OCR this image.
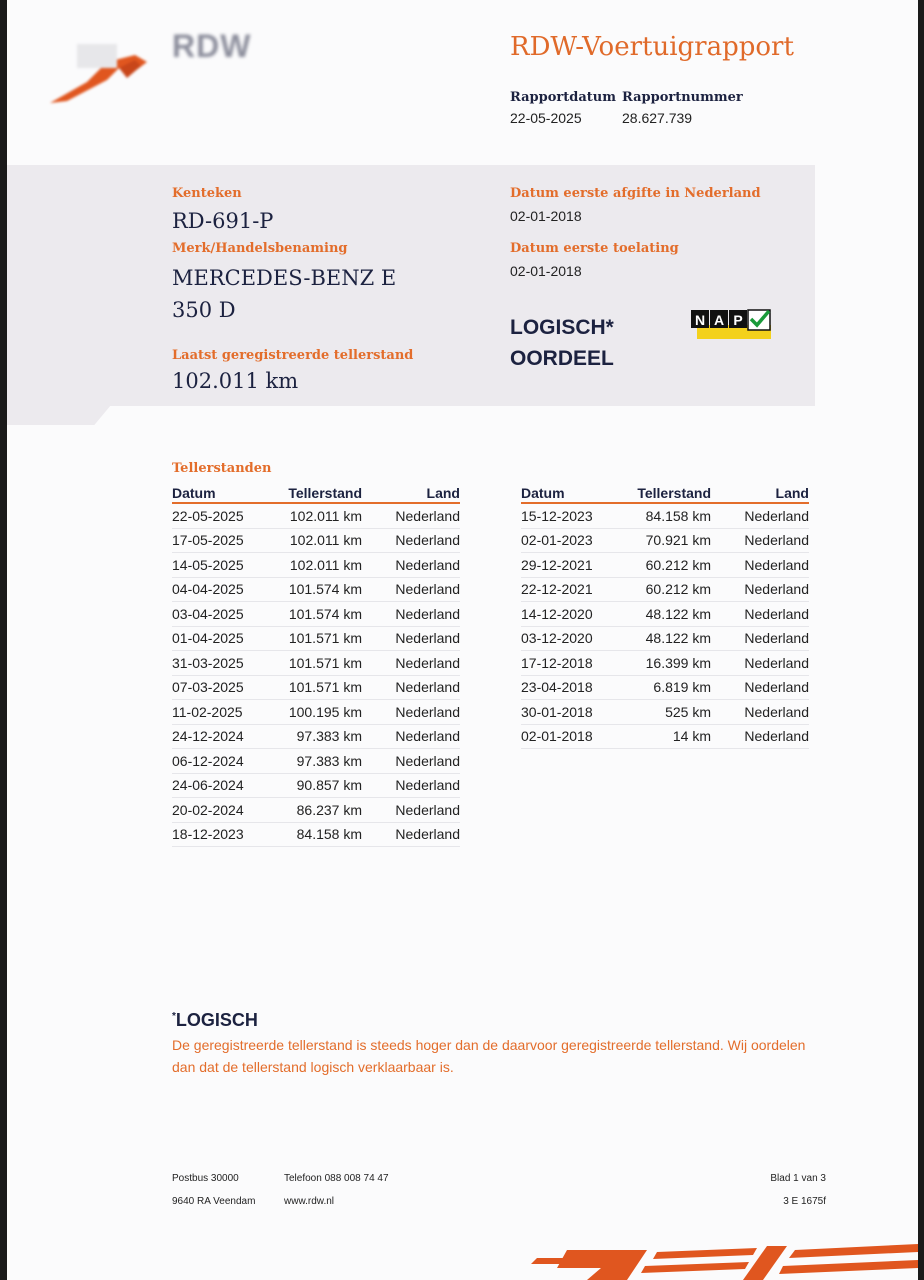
RDW	RDW-Voertuigrapport
Rapportdatum
22-05-2025
Rapportnummer
28.627.739
Kenteken
RD-691-P
Merk/Handelsbenaming
MERCEDES-BENZ E
350 D
Laatst geregistreerde tellerstand
102.011 km
Datum eerste afgifte in Nederland
02-01-2018
Datum eerste toelating
02-01-2018
LOGISCH*
OORDEEL
N A P
Tellerstanden
Datum	Tellerstand	Land
22-05-2025	102.011 km	Nederland
17-05-2025	102.011 km	Nederland
14-05-2025	102.011 km	Nederland
04-04-2025	101.574 km	Nederland
03-04-2025	101.574 km	Nederland
01-04-2025	101.571 km	Nederland
31-03-2025	101.571 km	Nederland
07-03-2025	101.571 km	Nederland
11-02-2025	100.195 km	Nederland
24-12-2024	97.383 km	Nederland
06-12-2024	97.383 km	Nederland
24-06-2024	90.857 km	Nederland
20-02-2024	86.237 km	Nederland
18-12-2023	84.158 km	Nederland
Datum	Tellerstand	Land
15-12-2023	84.158 km	Nederland
02-01-2023	70.921 km	Nederland
29-12-2021	60.212 km	Nederland
22-12-2021	60.212 km	Nederland
14-12-2020	48.122 km	Nederland
03-12-2020	48.122 km	Nederland
17-12-2018	16.399 km	Nederland
23-04-2018	6.819 km	Nederland
30-01-2018	525 km	Nederland
02-01-2018	14 km	Nederland
*LOGISCH
De geregistreerde tellerstand is steeds hoger dan de daarvoor geregistreerde tellerstand. Wij oordelen dan dat de tellerstand logisch verklaarbaar is.
Postbus 30000
9640 RA Veendam
Telefoon 088 008 74 47
www.rdw.nl
Blad 1 van 3
3 E 1675f
